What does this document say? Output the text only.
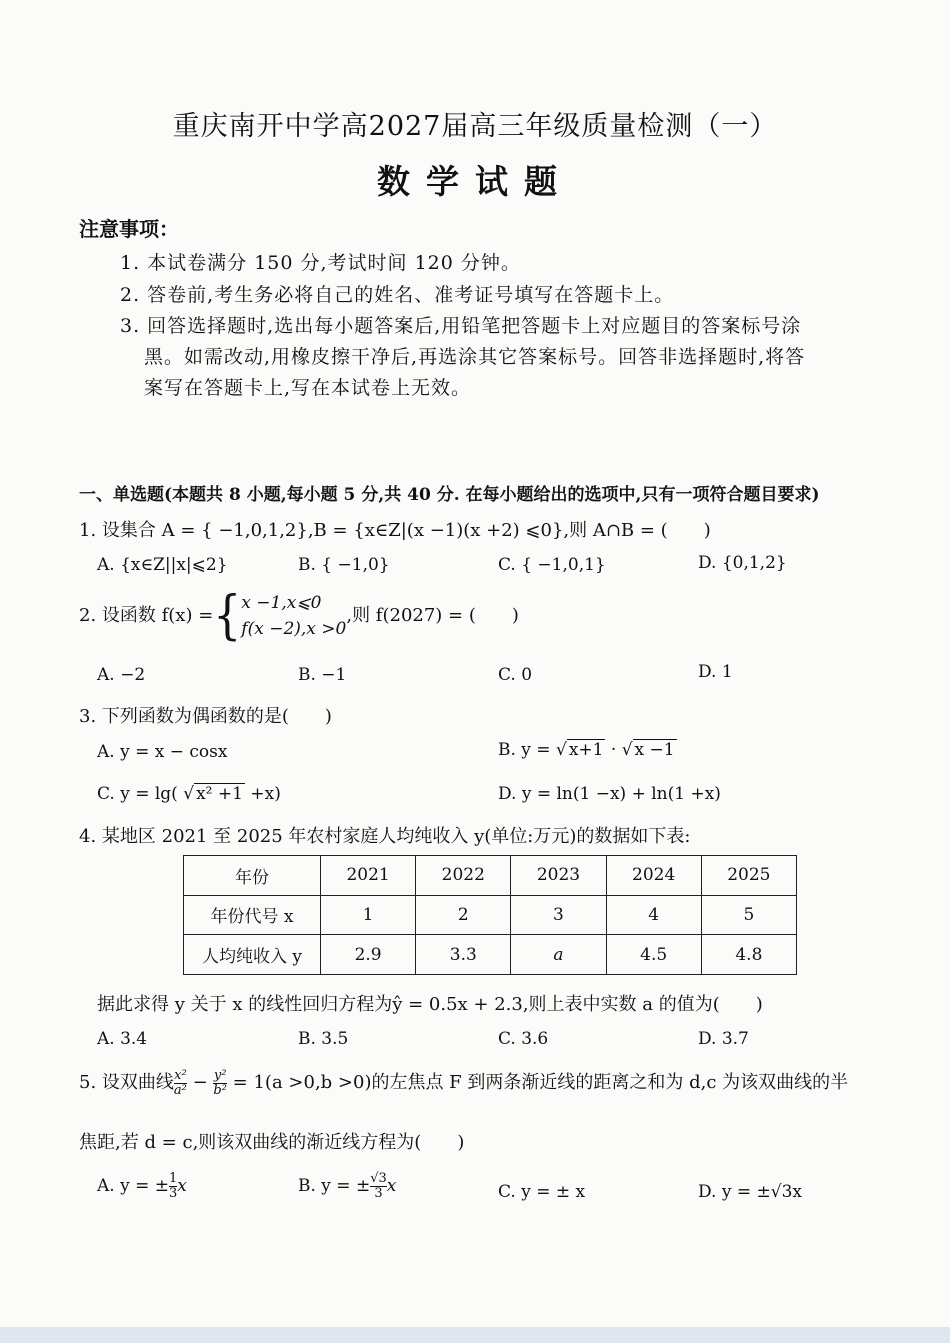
重庆南开中学高2027届高三年级质量检测（一）
数学试题
注意事项：
1. 本试卷满分 150 分,考试时间 120 分钟。
2. 答卷前,考生务必将自己的姓名、准考证号填写在答题卡上。
3. 回答选择题时,选出每小题答案后,用铅笔把答题卡上对应题目的答案标号涂
黑。如需改动,用橡皮擦干净后,再选涂其它答案标号。回答非选择题时,将答
案写在答题卡上,写在本试卷上无效。
一、单选题(本题共 8 小题,每小题 5 分,共 40 分. 在每小题给出的选项中,只有一项符合题目要求)
1. 设集合 A = { −1,0,1,2},B = {x∈Z|(x −1)(x +2) ⩽0},则 A∩B = (　　)
A. {x∈Z||x|⩽2}	B. { −1,0}	C. { −1,0,1}	D. {0,1,2}
2. 设函数 f(x) ={ x −1,x⩽0
f(x −2),x >0
,则 f(2027) = (　　)
A. −2	B. −1	C. 0	D. 1
3. 下列函数为偶函数的是(　　)
A. y = x − cosx	B. y = √ x+1 · √ x −1
C. y = lg( √ x² +1 +x)	D. y = ln(1 −x) + ln(1 +x)
4. 某地区 2021 至 2025 年农村家庭人均纯收入 y(单位:万元)的数据如下表:
年份	2021	2022	2023	2024	2025
年份代号 x	1	2	3	4	5
人均纯收入 y	2.9	3.3	a	4.5	4.8
据此求得 y 关于 x 的线性回归方程为ŷ = 0.5x + 2.3,则上表中实数 a 的值为(　　)
A. 3.4	B. 3.5	C. 3.6	D. 3.7
5. 设双曲线 $\frac{\text{x²}}{\text{a²}} - \frac{\text{y²}}{\text{b²}} = 1(a >0,b >0)$的左焦点 F 到两条渐近线的距离之和为 d,c 为该双曲线的半
焦距,若 d = c,则该双曲线的渐近线方程为(　　)
A. y = ± $\frac{1}{3}$ x	B. y = ± $\frac{√3}{3}$ x	C. y = ± x	D. y = ±√3x
